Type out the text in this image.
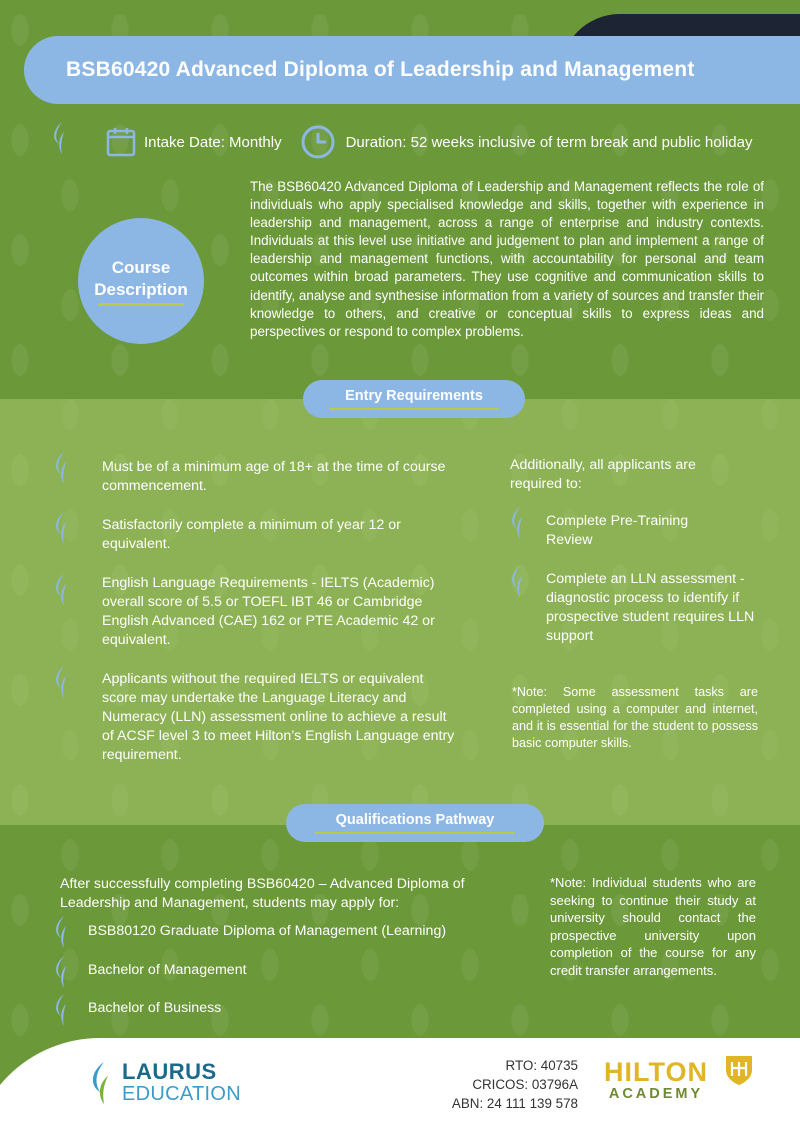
BSB60420 Advanced Diploma of Leadership and Management
Intake Date: Monthly	Duration: 52 weeks inclusive of term break and public holiday
Course
Description

The BSB60420 Advanced Diploma of Leadership and Management reflects the role of individuals who apply specialised knowledge and skills, together with experience in leadership and management, across a range of enterprise and industry contexts. Individuals at this level use initiative and judgement to plan and implement a range of leadership and management functions, with accountability for personal and team outcomes within broad parameters. They use cognitive and communication skills to identify, analyse and synthesise information from a variety of sources and transfer their knowledge to others, and creative or conceptual skills to express ideas and perspectives or respond to complex problems.

Entry Requirements

Must be of a minimum age of 18+ at the time of course commencement.

Satisfactorily complete a minimum of year 12 or equivalent.

English Language Requirements - IELTS (Academic) overall score of 5.5 or TOEFL IBT 46 or Cambridge English Advanced (CAE) 162 or PTE Academic 42 or equivalent.

Applicants without the required IELTS or equivalent score may undertake the Language Literacy and Numeracy (LLN) assessment online to achieve a result of ACSF level 3 to meet Hilton’s English Language entry requirement.

Additionally, all applicants are required to:

Complete Pre-Training Review

Complete an LLN assessment - diagnostic process to identify if prospective student requires LLN support

*Note: Some assessment tasks are completed using a computer and internet, and it is essential for the student to possess basic computer skills.

Qualifications Pathway

After successfully completing BSB60420 – Advanced Diploma of Leadership and Management, students may apply for:

BSB80120 Graduate Diploma of Management (Learning)

Bachelor of Management

Bachelor of Business

*Note: Individual students who are seeking to continue their study at university should contact the prospective university upon completion of the course for any credit transfer arrangements.

LAURUS
EDUCATION
RTO: 40735
CRICOS: 03796A
ABN: 24 111 139 578
HILTON
ACADEMY
